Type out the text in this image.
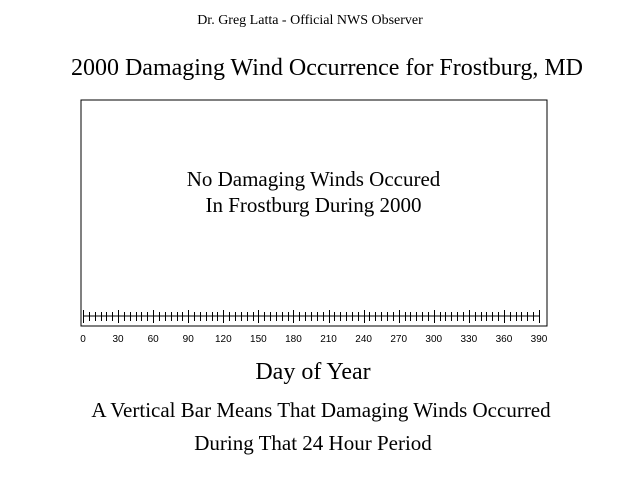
Dr. Greg Latta - Official NWS Observer
2000 Damaging Wind Occurrence for Frostburg, MD
0	30 60 90 120 150 180 210 240 270 300 330 360 390
No Damaging Winds Occured
In Frostburg During 2000
Day of Year
A Vertical Bar Means That Damaging Winds Occurred
During That 24 Hour Period
